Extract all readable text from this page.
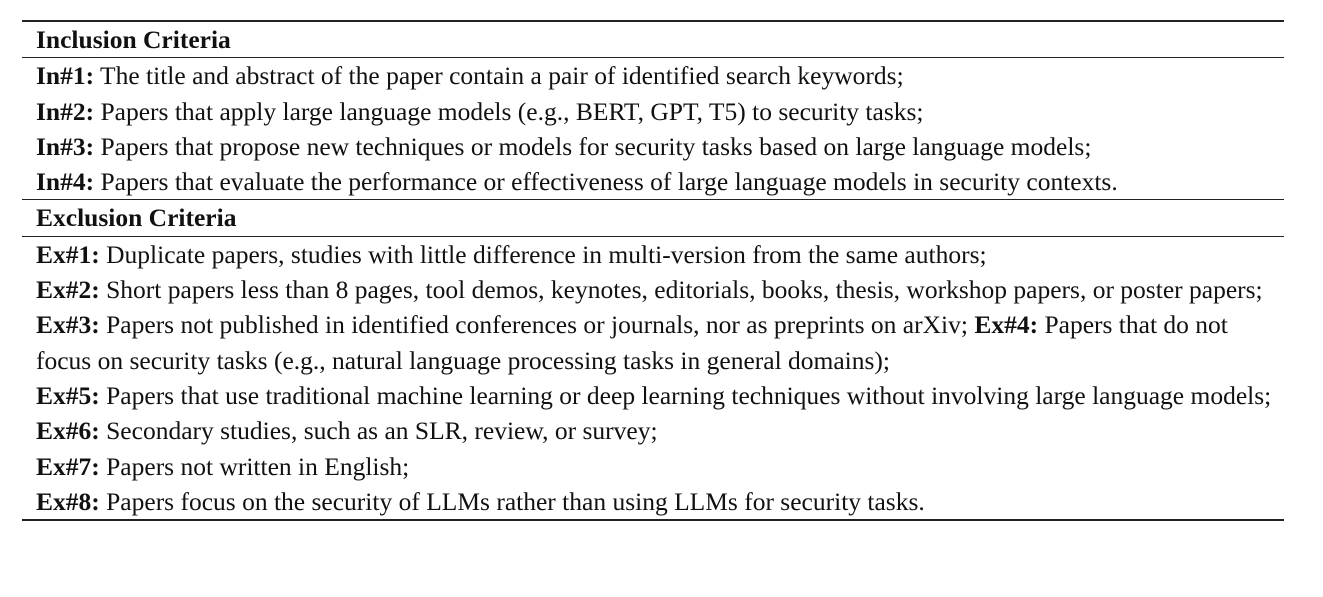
Inclusion Criteria
In#1: The title and abstract of the paper contain a pair of identified search keywords;
In#2: Papers that apply large language models (e.g., BERT, GPT, T5) to security tasks;
In#3: Papers that propose new techniques or models for security tasks based on large language models;
In#4: Papers that evaluate the performance or effectiveness of large language models in security contexts.
Exclusion Criteria
Ex#1: Duplicate papers, studies with little difference in multi-version from the same authors;
Ex#2: Short papers less than 8 pages, tool demos, keynotes, editorials, books, thesis, workshop papers, or poster papers;
Ex#3: Papers not published in identified conferences or journals, nor as preprints on arXiv; Ex#4: Papers that do not focus on security tasks (e.g., natural language processing tasks in general domains);
Ex#5: Papers that use traditional machine learning or deep learning techniques without involving large language models;
Ex#6: Secondary studies, such as an SLR, review, or survey;
Ex#7: Papers not written in English;
Ex#8: Papers focus on the security of LLMs rather than using LLMs for security tasks.
